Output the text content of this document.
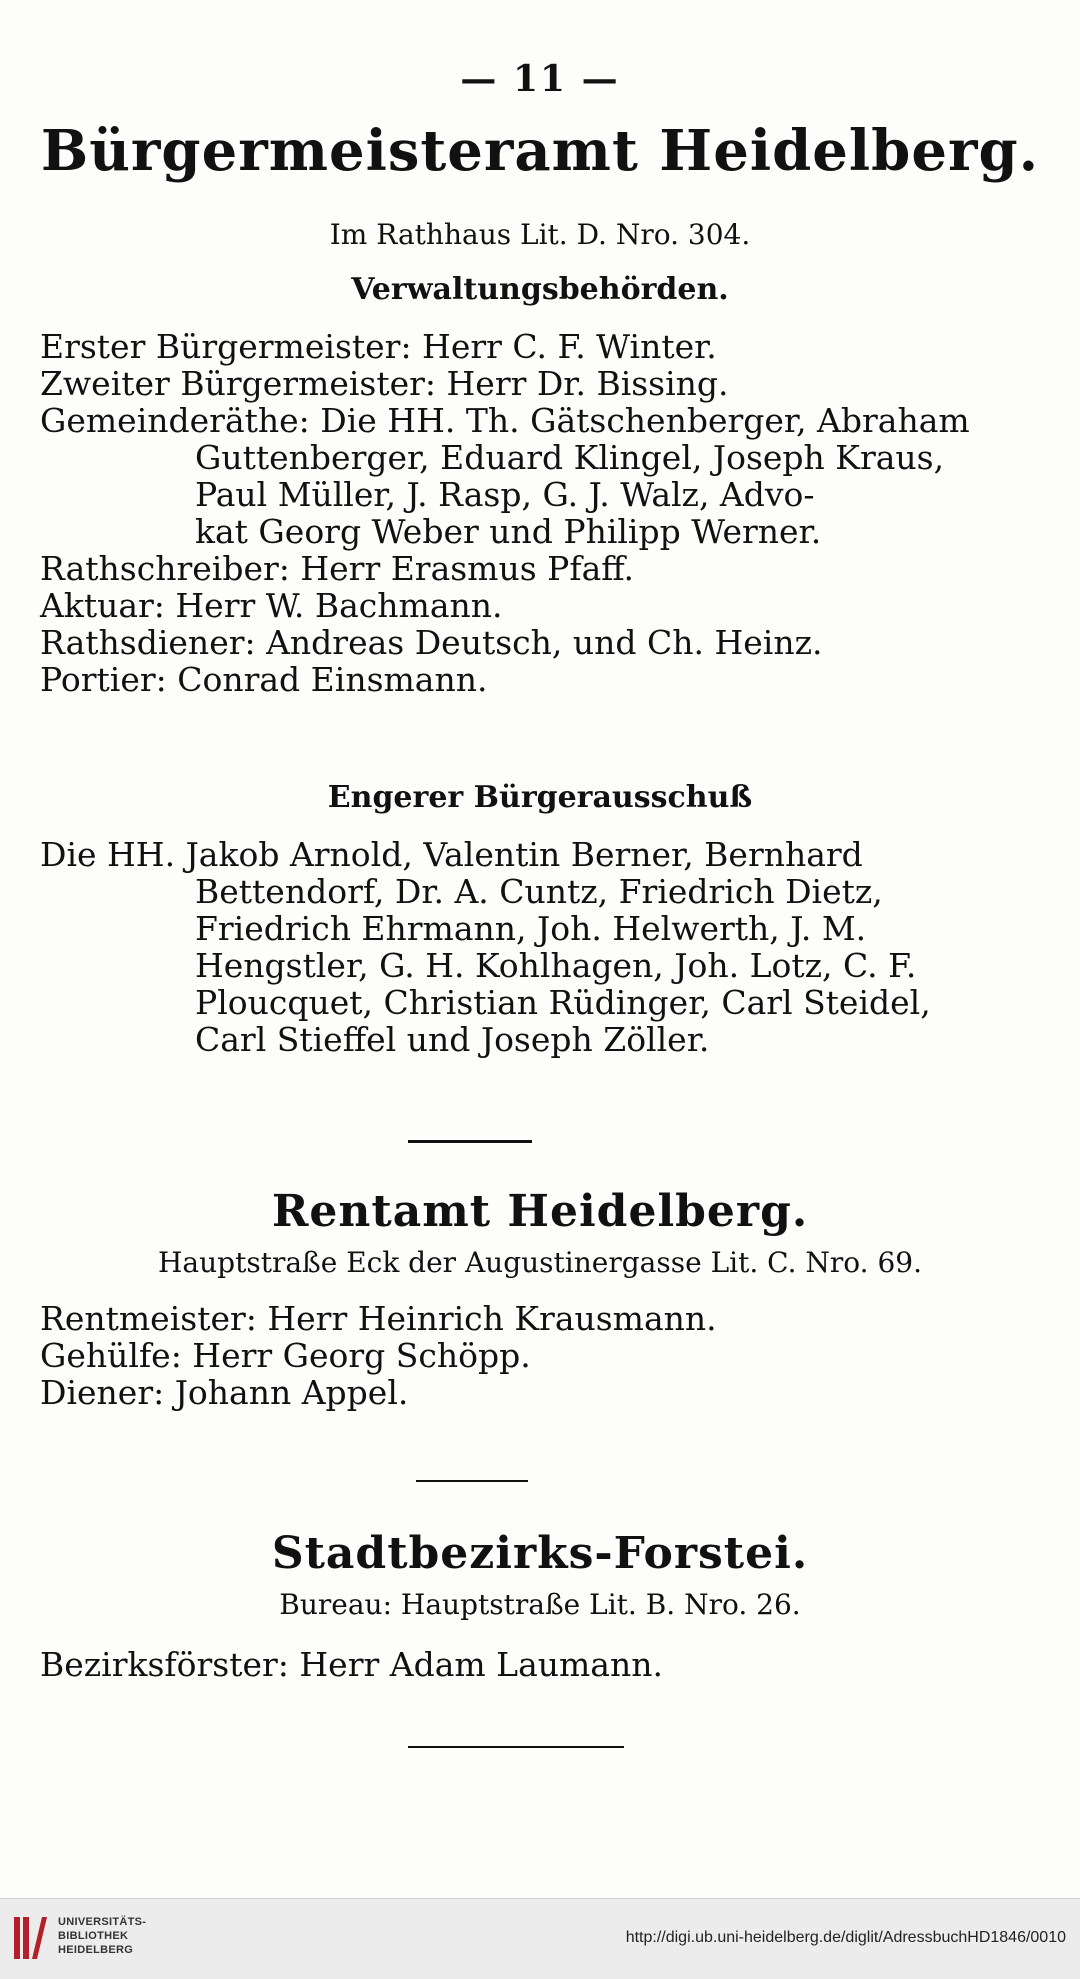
— 11 —
Bürgermeisteramt Heidelberg.
Im Rathhaus Lit. D. Nro. 304.
Verwaltungsbehörden.
Erster Bürgermeister: Herr C. F. Winter.
Zweiter Bürgermeister: Herr Dr. Bissing.
Gemeinderäthe: Die HH. Th. Gätschenberger, Abraham
Guttenberger, Eduard Klingel, Joseph Kraus,
Paul Müller, J. Rasp, G. J. Walz, Advo-
kat Georg Weber und Philipp Werner.
Rathschreiber: Herr Erasmus Pfaff.
Aktuar: Herr W. Bachmann.
Rathsdiener: Andreas Deutsch, und Ch. Heinz.
Portier: Conrad Einsmann.
Engerer Bürgerausschuß
Die HH. Jakob Arnold, Valentin Berner, Bernhard
Bettendorf, Dr. A. Cuntz, Friedrich Dietz,
Friedrich Ehrmann, Joh. Helwerth, J. M.
Hengstler, G. H. Kohlhagen, Joh. Lotz, C. F.
Ploucquet, Christian Rüdinger, Carl Steidel,
Carl Stieffel und Joseph Zöller.
Rentamt Heidelberg.
Hauptstraße Eck der Augustinergasse Lit. C. Nro. 69.
Rentmeister: Herr Heinrich Krausmann.
Gehülfe: Herr Georg Schöpp.
Diener: Johann Appel.
Stadtbezirks-Forstei.
Bureau: Hauptstraße Lit. B. Nro. 26.
Bezirksförster: Herr Adam Laumann.
UNIVERSITÄTS-
BIBLIOTHEK
HEIDELBERG
http://digi.ub.uni-heidelberg.de/diglit/AdressbuchHD1846/0010
